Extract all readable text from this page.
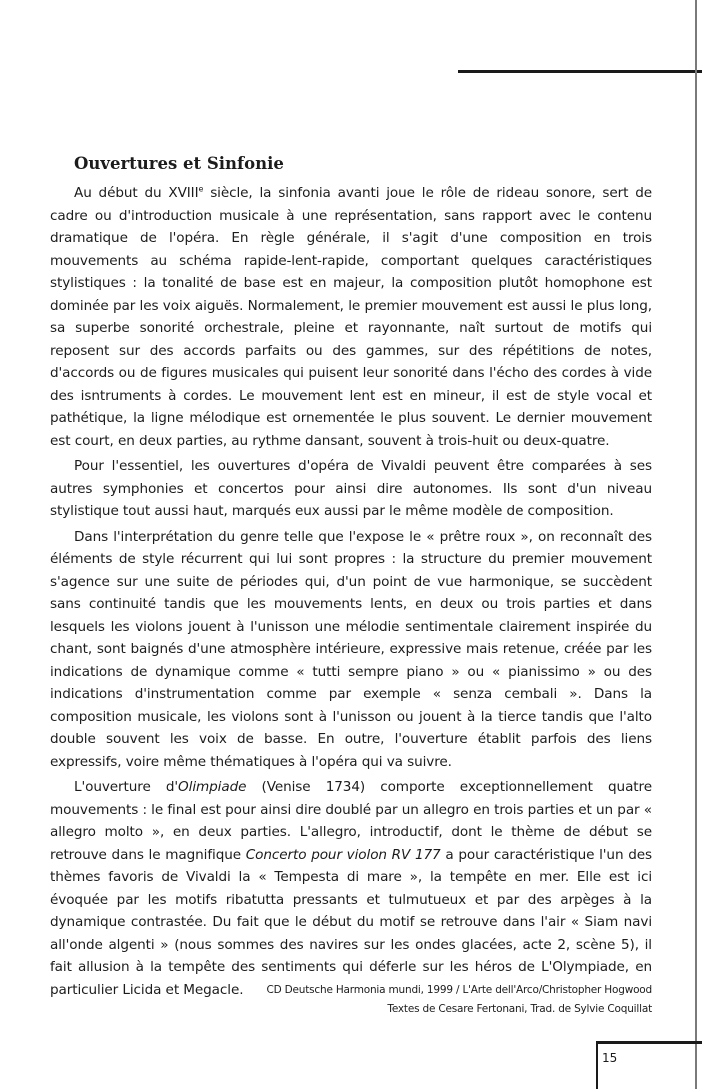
Ouvertures et Sinfonie

Au début du XVIIIe siècle, la sinfonia avanti joue le rôle de rideau sonore, sert de cadre ou d'introduction musicale à une représentation, sans rapport avec le contenu dramatique de l'opéra. En règle générale, il s'agit d'une composition en trois mouvements au schéma rapide-lent-rapide, comportant quelques caractéristiques stylistiques : la tonalité de base est en majeur, la composition plutôt homophone est dominée par les voix aiguës. Normalement, le premier mouvement est aussi le plus long, sa superbe sonorité orchestrale, pleine et rayonnante, naît surtout de motifs qui reposent sur des accords parfaits ou des gammes, sur des répétitions de notes, d'accords ou de figures musicales qui puisent leur sonorité dans l'écho des cordes à vide des isntruments à cordes. Le mouvement lent est en mineur, il est de style vocal et pathétique, la ligne mélodique est ornementée le plus souvent. Le dernier mouvement est court, en deux parties, au rythme dansant, souvent à trois-huit ou deux-quatre.

Pour l'essentiel, les ouvertures d'opéra de Vivaldi peuvent être comparées à ses autres symphonies et concertos pour ainsi dire autonomes. Ils sont d'un niveau stylistique tout aussi haut, marqués eux aussi par le même modèle de composition.

Dans l'interprétation du genre telle que l'expose le « prêtre roux », on reconnaît des éléments de style récurrent qui lui sont propres : la structure du premier mouvement s'agence sur une suite de périodes qui, d'un point de vue harmonique, se succèdent sans continuité tandis que les mouvements lents, en deux ou trois parties et dans lesquels les violons jouent à l'unisson une mélodie sentimentale clairement inspirée du chant, sont baignés d'une atmosphère intérieure, expressive mais retenue, créée par les indications de dynamique comme « tutti sempre piano » ou « pianissimo » ou des indications d'instrumentation comme par exemple « senza cembali ». Dans la composition musicale, les violons sont à l'unisson ou jouent à la tierce tandis que l'alto double souvent les voix de basse. En outre, l'ouverture établit parfois des liens expressifs, voire même thématiques à l'opéra qui va suivre.

L'ouverture d'Olimpiade (Venise 1734) comporte exceptionnellement quatre mouvements : le final est pour ainsi dire doublé par un allegro en trois parties et un par « allegro molto », en deux parties. L'allegro, introductif, dont le thème de début se retrouve dans le magnifique Concerto pour violon RV 177 a pour caractéristique l'un des thèmes favoris de Vivaldi la « Tempesta di mare », la tempête en mer. Elle est ici évoquée par les motifs ribatutta pressants et tulmutueux et par des arpèges à la dynamique contrastée. Du fait que le début du motif se retrouve dans l'air « Siam navi all'onde algenti » (nous sommes des navires sur les ondes glacées, acte 2, scène 5), il fait allusion à la tempête des sentiments qui déferle sur les héros de L'Olympiade, en particulier Licida et Megacle.	CD Deutsche Harmonia mundi, 1999 / L'Arte dell'Arco/Christopher Hogwood
Textes de Cesare Fertonani, Trad. de Sylvie Coquillat
15
